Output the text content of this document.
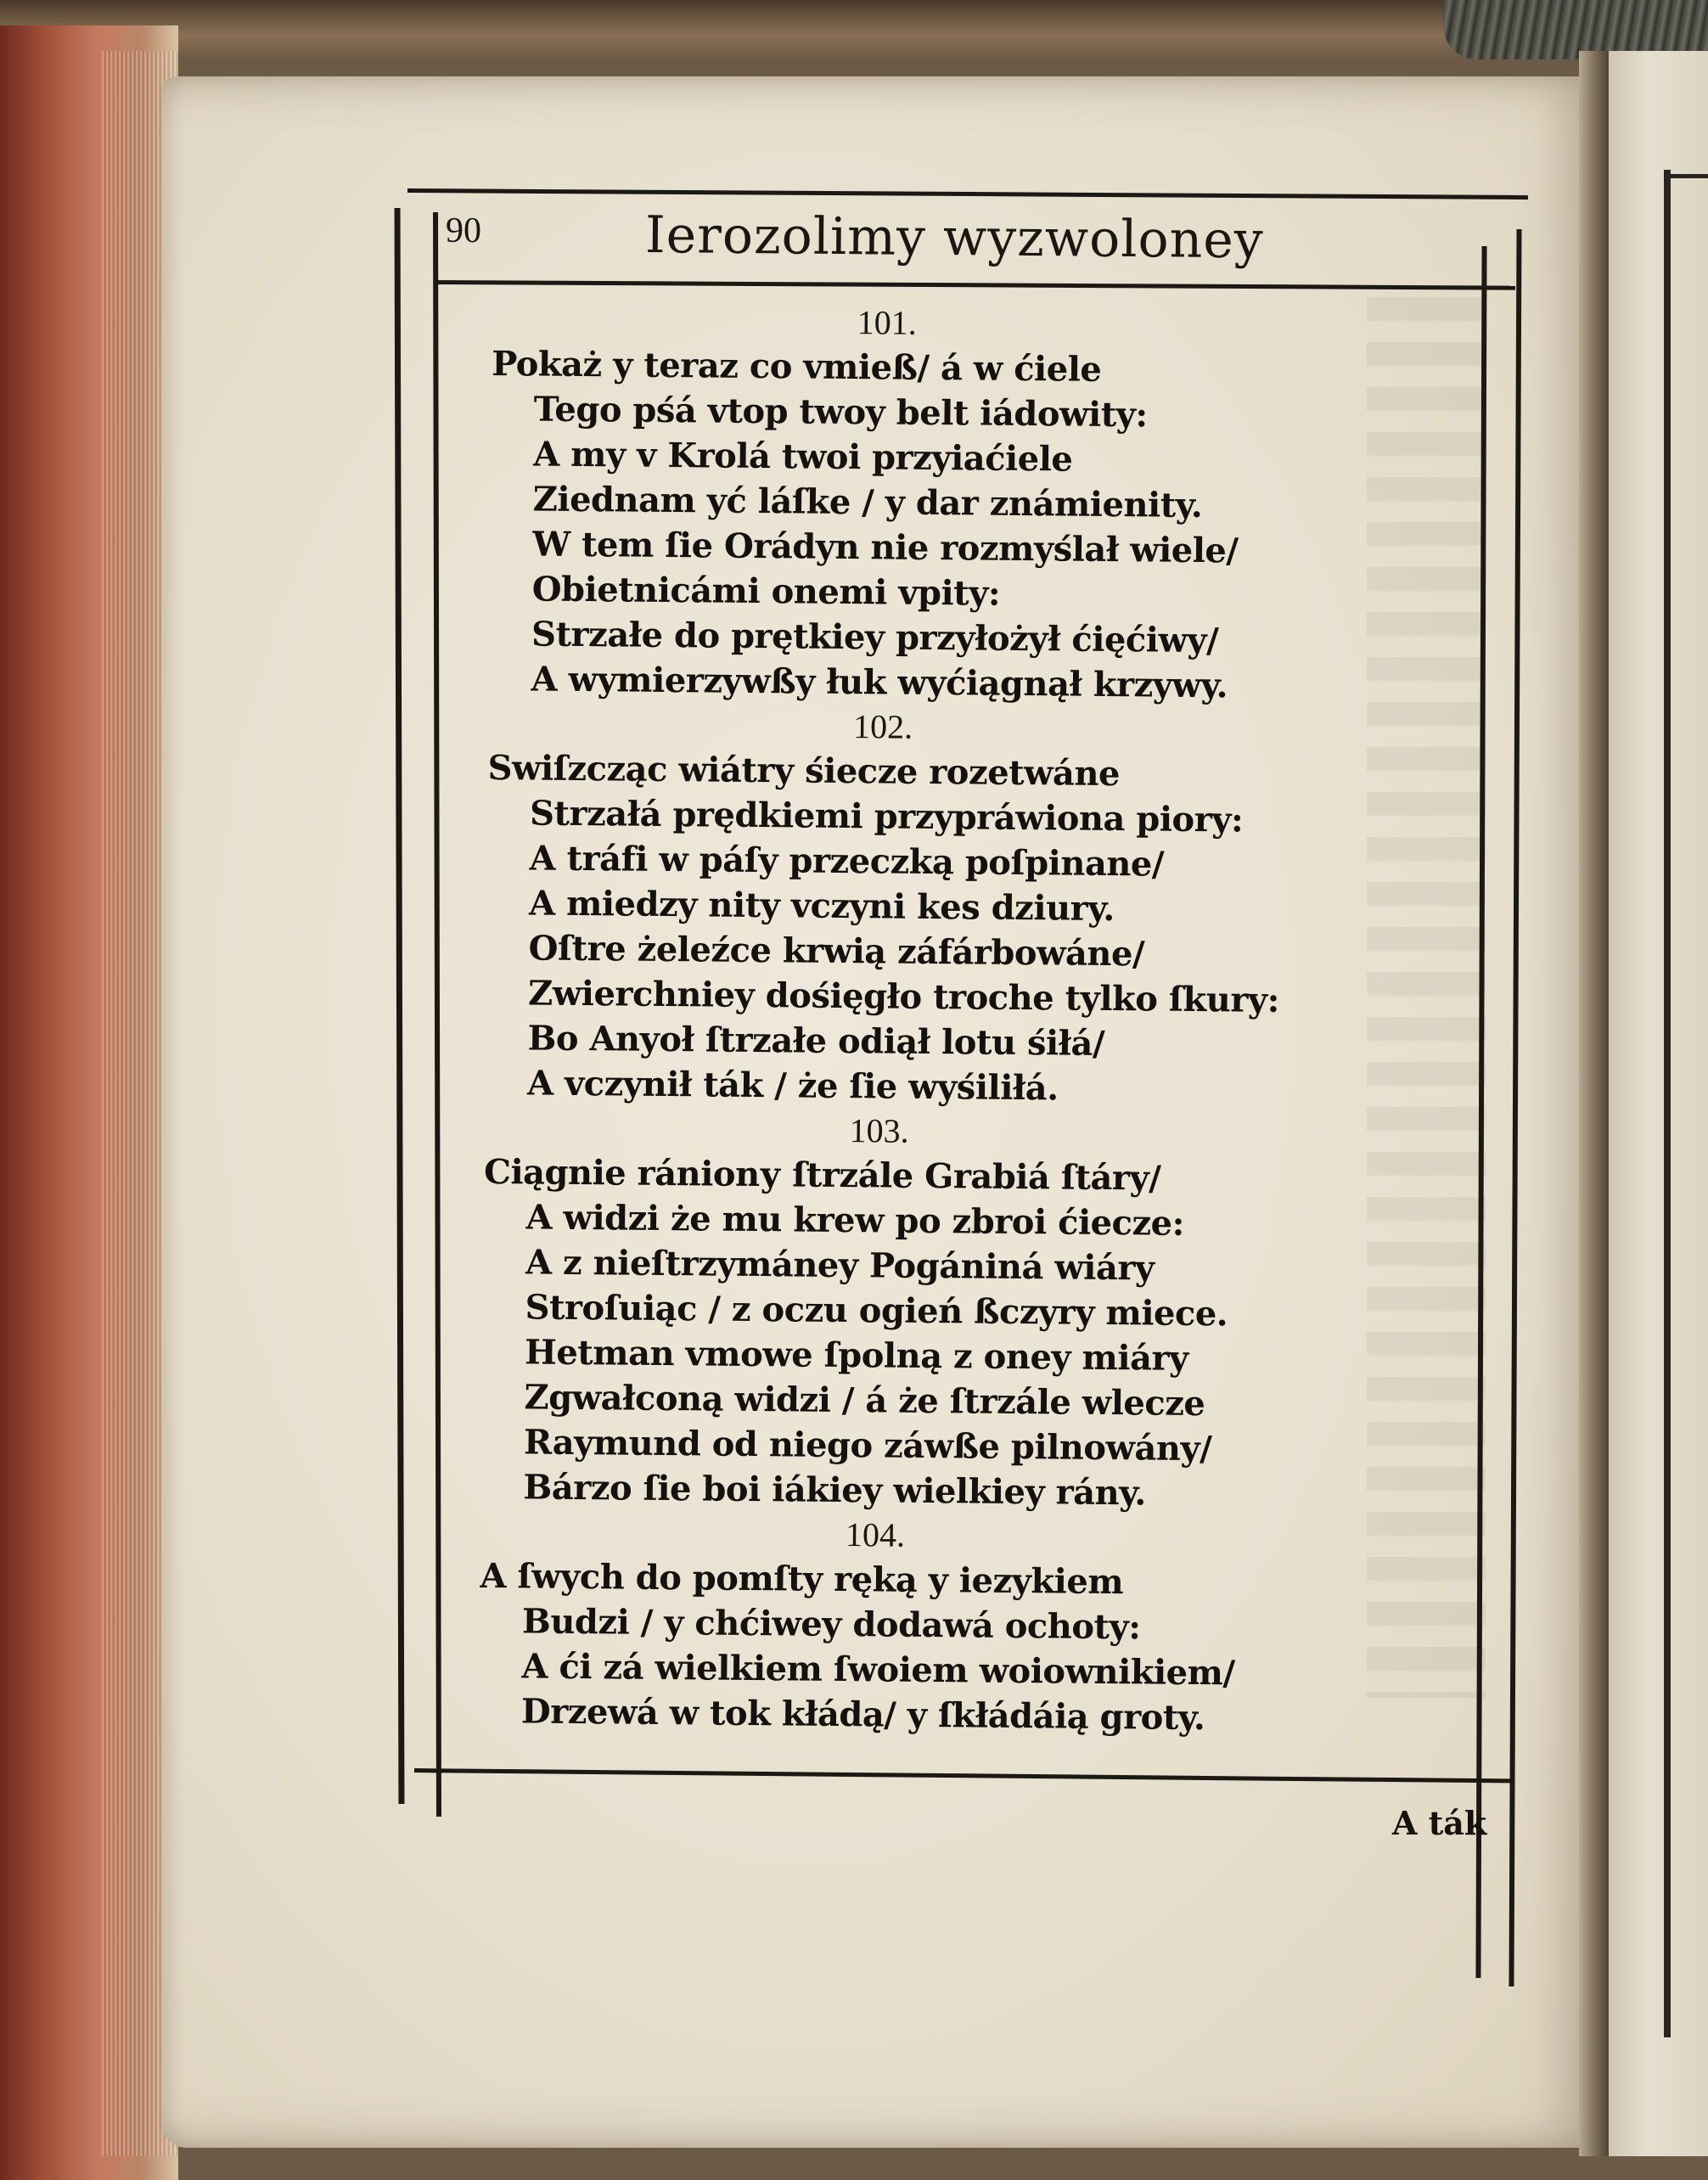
90	Ierozolimy wyzwoloney
101.
Pokaż y teraz co vmieß/ á w ćiele
Tego pśá vtop twoy belt iádowity:
A my v Krolá twoi przyiaćiele
Ziednam yć láſke / y dar známienity.
W tem ſie Orádyn nie rozmyślał wiele/
Obietnicámi onemi vpity:
Strzałe do prętkiey przyłożył ćięćiwy/
A wymierzywßy łuk wyćiągnął krzywy.
102.
Swiſzcząc wiátry śiecze rozetwáne
Strzałá prędkiemi przypráwiona piory:
A tráfi w páſy przeczką poſpinane/
A miedzy nity vczyni kes dziury.
Oſtre żeleźce krwią záfárbowáne/
Zwierchniey dośięgło troche tylko ſkury:
Bo Anyoł ſtrzałe odiął lotu śiłá/
A vczynił ták / że ſie wyśiliłá.
103.
Ciągnie ránionу ſtrzále Grabiá ſtáry/
A widzi że mu krew po zbroi ćiecze:
A z nieſtrzymáney Pogániná wiáry
Stroſuiąc / z oczu ogień ßczyry miece.
Hetman vmowe ſpolną z oney miáry
Zgwałconą widzi / á że ſtrzále wlecze
Raymund od niego záwße pilnowány/
Bárzo ſie boi iákiey wielkiey rány.
104.
A ſwych do pomſty ręką y iezykiem
Budzi / y chćiwey dodawá ochoty:
A ći zá wielkiem ſwoiem woiownikiem/
Drzewá w tok kłádą/ y ſkłádáią groty.
A ták
